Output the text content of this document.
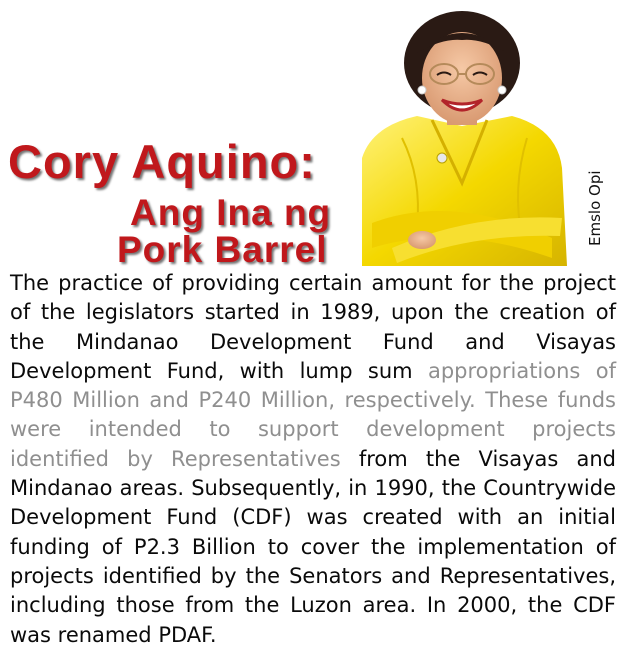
Cory Aquino:
Ang Ina ng
Pork Barrel
Emslo Opi

The practice of providing certain amount for the project of the legislators started in 1989, upon the creation of the Mindanao Development Fund and Visayas Development Fund, with lump sum appropriations of P480 Million and P240 Million, respectively. These funds were intended to support development projects identified by Representatives from the Visayas and Mindanao areas. Subsequently, in 1990, the Countrywide Development Fund (CDF) was created with an initial funding of P2.3 Billion to cover the implementation of projects identified by the Senators and Representatives, including those from the Luzon area. In 2000, the CDF was renamed PDAF.
